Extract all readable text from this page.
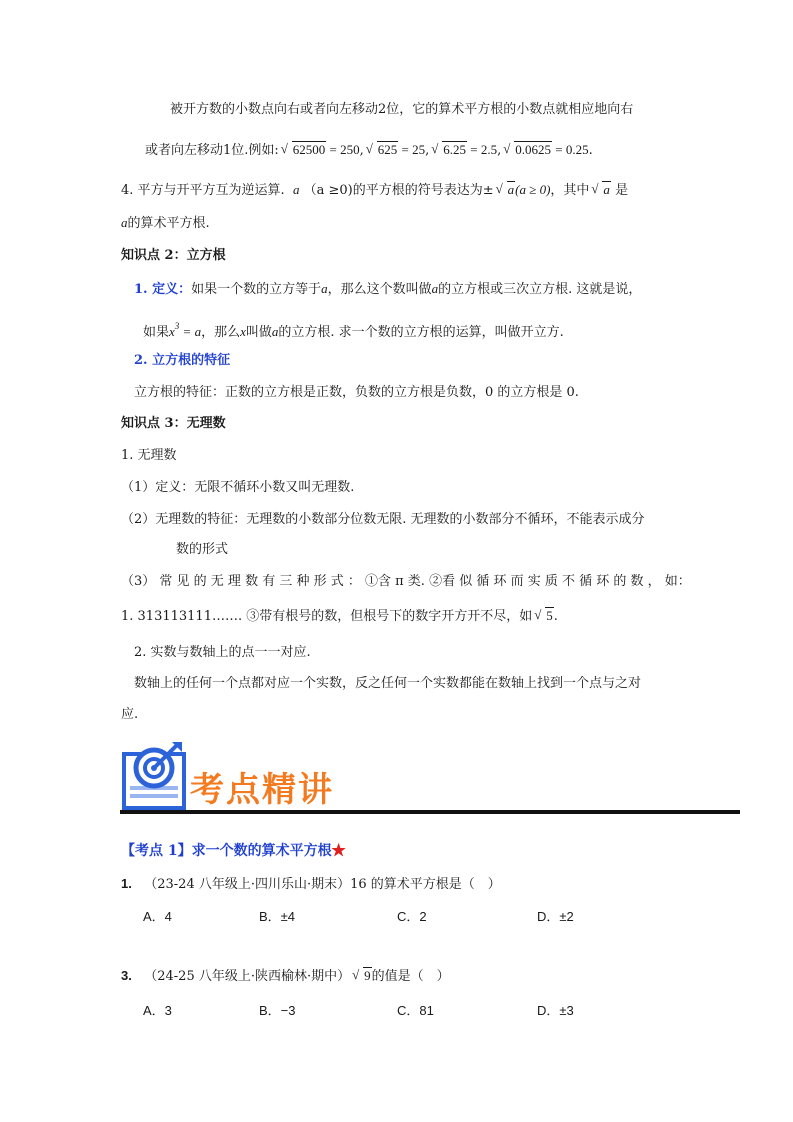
被开方数的小数点向右或者向左移动2位，它的算术平方根的小数点就相应地向右
或者向左移动1位.例如: √ 62500 = 250, √ 625 = 25, √ 6.25 = 2.5, √ 0.0625 = 0.25.
4. 平方与开平方互为逆运算. a （a ≥0)的平方根的符号表达为± √ a(a ≥ 0)，其中 √ a 是
a的算术平方根.
知识点 2：立方根
1. 定义：如果一个数的立方等于a，那么这个数叫做a的立方根或三次立方根. 这就是说，
如果$x^3 = a$，那么x叫做a的立方根. 求一个数的立方根的运算，叫做开立方.
2. 立方根的特征
立方根的特征：正数的立方根是正数，负数的立方根是负数，0 的立方根是 0.
知识点 3：无理数
1. 无理数
（1）定义：无限不循环小数又叫无理数.
（2）无理数的特征：无理数的小数部分位数无限. 无理数的小数部分不循环，不能表示成分
数的形式
（3） 常 见 的 无 理 数 有 三 种 形 式 ： ①含 π 类. ②看 似 循 环 而 实 质 不 循 环 的 数 ， 如：
1. 313113111……. ③带有根号的数，但根号下的数字开方开不尽，如 √ 5.
2. 实数与数轴上的点一一对应.
数轴上的任何一个点都对应一个实数，反之任何一个实数都能在数轴上找到一个点与之对
应.
考点精讲
【考点 1】求一个数的算术平方根★
1. （23-24 八年级上·四川乐山·期末）16 的算术平方根是（　）
A．4	B．±4	C．2	D．±2
3. （24-25 八年级上·陕西榆林·期中） √ 9的值是（　）
A．3	B．−3	C．81	D．±3
